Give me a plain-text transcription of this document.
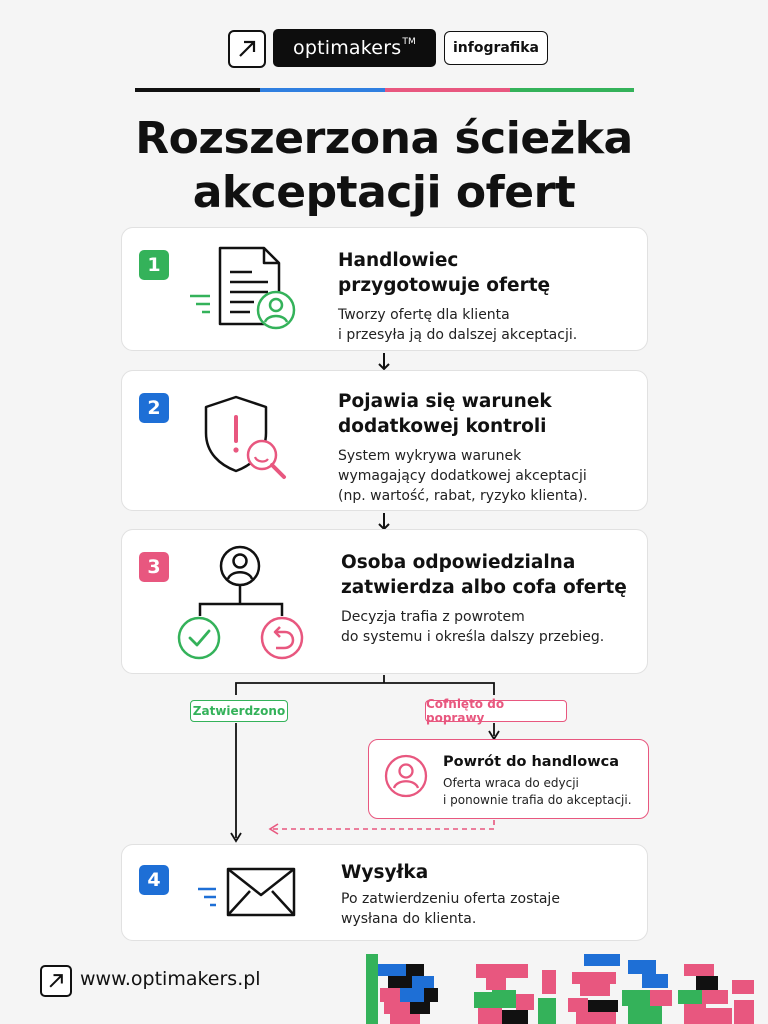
optimakers™	infografika
Rozszerzona ścieżka
akceptacji ofert
1	Handlowiec
przygotowuje ofertę
Tworzy ofertę dla klienta
i przesyła ją do dalszej akceptacji.
2	Pojawia się warunek
dodatkowej kontroli
System wykrywa warunek
wymagający dodatkowej akceptacji
(np. wartość, rabat, ryzyko klienta).
3	Osoba odpowiedzialna
zatwierdza albo cofa ofertę
Decyzja trafia z powrotem
do systemu i określa dalszy przebieg.
Zatwierdzono	Cofnięto do poprawy
Powrót do handlowca
Oferta wraca do edycji
i ponownie trafia do akceptacji.
4	Wysyłka
Po zatwierdzeniu oferta zostaje
wysłana do klienta.
www.optimakers.pl
